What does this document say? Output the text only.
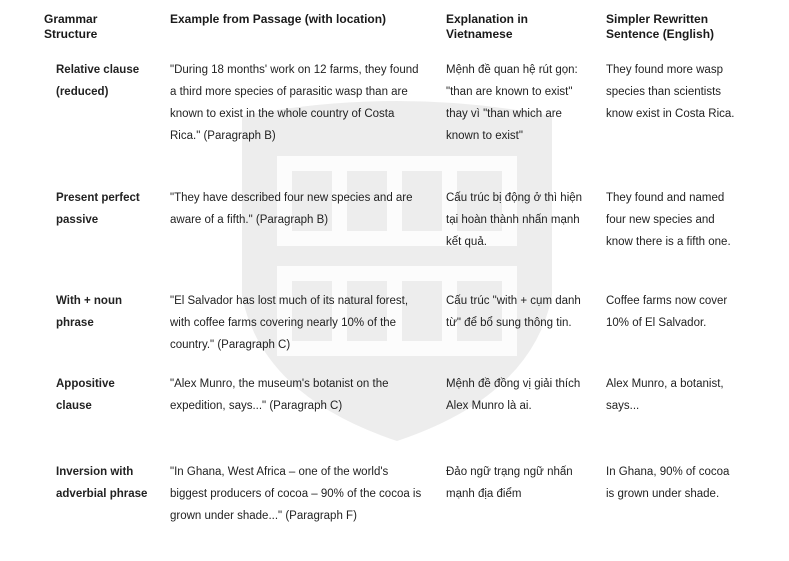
Grammar Structure	Example from Passage (with location)	Explanation in Vietnamese	Simpler Rewritten Sentence (English)
Relative clause (reduced)	"During 18 months' work on 12 farms, they found a third more species of parasitic wasp than are known to exist in the whole country of Costa Rica." (Paragraph B)	Mệnh đề quan hệ rút gọn: "than are known to exist" thay vì "than which are known to exist"	They found more wasp species than scientists know exist in Costa Rica.
Present perfect passive	"They have described four new species and are aware of a fifth." (Paragraph B)	Cấu trúc bị động ở thì hiện tại hoàn thành nhấn mạnh kết quả.	They found and named four new species and know there is a fifth one.
With + noun phrase	"El Salvador has lost much of its natural forest, with coffee farms covering nearly 10% of the country." (Paragraph C)	Cấu trúc "with + cụm danh từ" để bổ sung thông tin.	Coffee farms now cover 10% of El Salvador.
Appositive clause	"Alex Munro, the museum's botanist on the expedition, says..." (Paragraph C)	Mệnh đề đồng vị giải thích Alex Munro là ai.	Alex Munro, a botanist, says...
Inversion with adverbial phrase	"In Ghana, West Africa – one of the world's biggest producers of cocoa – 90% of the cocoa is grown under shade..." (Paragraph F)	Đảo ngữ trạng ngữ nhấn mạnh địa điểm	In Ghana, 90% of cocoa is grown under shade.
